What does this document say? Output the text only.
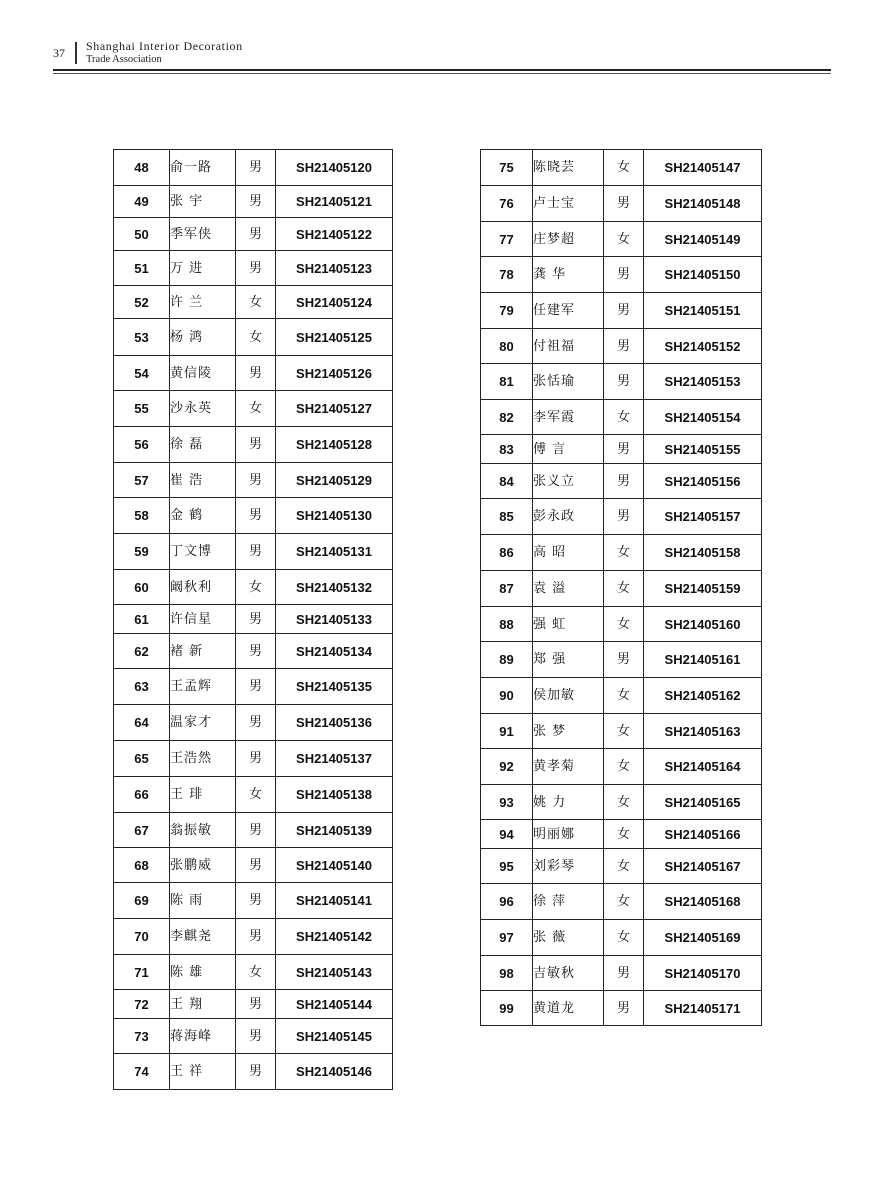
37 Shanghai Interior Decoration
Trade Association
48	俞一路	男	SH21405120
49	张 宇	男	SH21405121
50	季军侠	男	SH21405122
51	万 进	男	SH21405123
52	许 兰	女	SH21405124
53	杨 鸿	女	SH21405125
54	黄信陵	男	SH21405126
55	沙永英	女	SH21405127
56	徐 磊	男	SH21405128
57	崔 浩	男	SH21405129
58	金 鹤	男	SH21405130
59	丁文博	男	SH21405131
60	阚秋利	女	SH21405132
61	许信星	男	SH21405133
62	褚 新	男	SH21405134
63	王孟辉	男	SH21405135
64	温家才	男	SH21405136
65	王浩然	男	SH21405137
66	王 琲	女	SH21405138
67	翁振敏	男	SH21405139
68	张鹏威	男	SH21405140
69	陈 雨	男	SH21405141
70	李麒尧	男	SH21405142
71	陈 雄	女	SH21405143
72	王 翔	男	SH21405144
73	蒋海峰	男	SH21405145
74	王 祥	男	SH21405146
75	陈晓芸	女	SH21405147
76	卢士宝	男	SH21405148
77	庄梦超	女	SH21405149
78	龚 华	男	SH21405150
79	任建军	男	SH21405151
80	付祖福	男	SH21405152
81	张恬瑜	男	SH21405153
82	李军霞	女	SH21405154
83	傅 言	男	SH21405155
84	张义立	男	SH21405156
85	彭永政	男	SH21405157
86	高 昭	女	SH21405158
87	袁 溢	女	SH21405159
88	强 虹	女	SH21405160
89	郑 强	男	SH21405161
90	侯加敏	女	SH21405162
91	张 梦	女	SH21405163
92	黄孝菊	女	SH21405164
93	姚 力	女	SH21405165
94	明丽娜	女	SH21405166
95	刘彩琴	女	SH21405167
96	徐 萍	女	SH21405168
97	张 薇	女	SH21405169
98	吉敏秋	男	SH21405170
99	黄道龙	男	SH21405171
